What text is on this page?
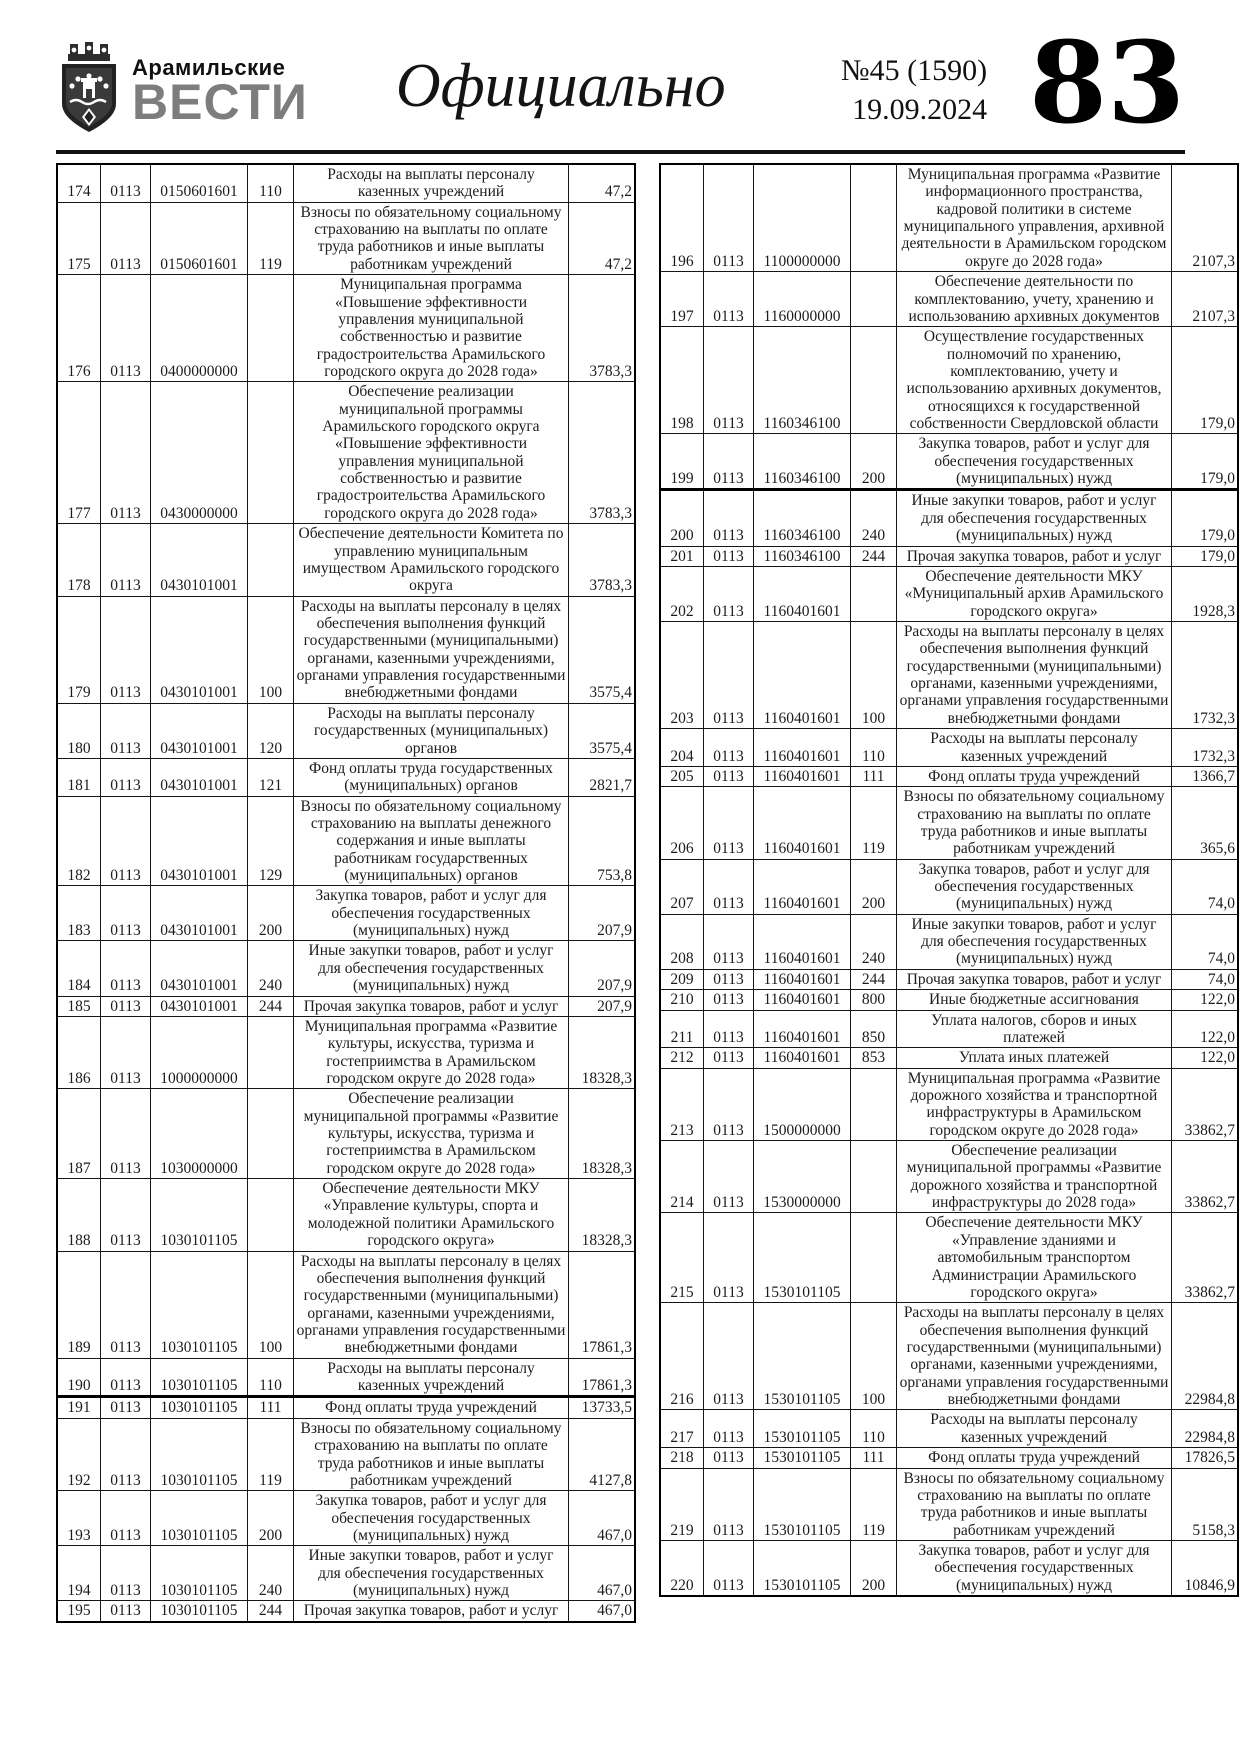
Арамильские
ВЕСТИ Официально	№45 (1590)
19.09.2024 83
174	0113	0150601601	110	Расходы на выплаты персоналу казенных учреждений	47,2
175	0113	0150601601	119	Взносы по обязательному социальному страхованию на выплаты по оплате труда работников и иные выплаты работникам учреждений	47,2
176	0113	0400000000		Муниципальная программа «Повышение эффективности управления муниципальной собственностью и развитие градостроительства Арамильского городского округа до 2028 года»	3783,3
177	0113	0430000000		Обеспечение реализации муниципальной программы Арамильского городского округа «Повышение эффективности управления муниципальной собственностью и развитие градостроительства Арамильского городского округа до 2028 года»	3783,3
178	0113	0430101001		Обеспечение деятельности Комитета по управлению муниципальным имуществом Арамильского городского округа	3783,3
179	0113	0430101001	100	Расходы на выплаты персоналу в целях обеспечения выполнения функций государственными (муниципальными) органами, казенными учреждениями, органами управления государственными внебюджетными фондами	3575,4
180	0113	0430101001	120	Расходы на выплаты персоналу государственных (муниципальных) органов	3575,4
181	0113	0430101001	121	Фонд оплаты труда государственных (муниципальных) органов	2821,7
182	0113	0430101001	129	Взносы по обязательному социальному страхованию на выплаты денежного содержания и иные выплаты работникам государственных (муниципальных) органов	753,8
183	0113	0430101001	200	Закупка товаров, работ и услуг для обеспечения государственных (муниципальных) нужд	207,9
184	0113	0430101001	240	Иные закупки товаров, работ и услуг для обеспечения государственных (муниципальных) нужд	207,9
185	0113	0430101001	244	Прочая закупка товаров, работ и услуг	207,9
186	0113	1000000000		Муниципальная программа «Развитие культуры, искусства, туризма и гостеприимства в Арамильском городском округе до 2028 года»	18328,3
187	0113	1030000000		Обеспечение реализации муниципальной программы «Развитие культуры, искусства, туризма и гостеприимства в Арамильском городском округе до 2028 года»	18328,3
188	0113	1030101105		Обеспечение деятельности МКУ «Управление культуры, спорта и молодежной политики Арамильского городского округа»	18328,3
189	0113	1030101105	100	Расходы на выплаты персоналу в целях обеспечения выполнения функций государственными (муниципальными) органами, казенными учреждениями, органами управления государственными внебюджетными фондами	17861,3
190	0113	1030101105	110	Расходы на выплаты персоналу казенных учреждений	17861,3
191	0113	1030101105	111	Фонд оплаты труда учреждений	13733,5
192	0113	1030101105	119	Взносы по обязательному социальному страхованию на выплаты по оплате труда работников и иные выплаты работникам учреждений	4127,8
193	0113	1030101105	200	Закупка товаров, работ и услуг для обеспечения государственных (муниципальных) нужд	467,0
194	0113	1030101105	240	Иные закупки товаров, работ и услуг для обеспечения государственных (муниципальных) нужд	467,0
195	0113	1030101105	244	Прочая закупка товаров, работ и услуг	467,0
196	0113	1100000000		Муниципальная программа «Развитие информационного пространства, кадровой политики в системе муниципального управления, архивной деятельности в Арамильском городском округе до 2028 года»	2107,3
197	0113	1160000000		Обеспечение деятельности по комплектованию, учету, хранению и использованию архивных документов	2107,3
198	0113	1160346100		Осуществление государственных полномочий по хранению, комплектованию, учету и использованию архивных документов, относящихся к государственной собственности Свердловской области	179,0
199	0113	1160346100	200	Закупка товаров, работ и услуг для обеспечения государственных (муниципальных) нужд	179,0
200	0113	1160346100	240	Иные закупки товаров, работ и услуг для обеспечения государственных (муниципальных) нужд	179,0
201	0113	1160346100	244	Прочая закупка товаров, работ и услуг	179,0
202	0113	1160401601		Обеспечение деятельности МКУ «Муниципальный архив Арамильского городского округа»	1928,3
203	0113	1160401601	100	Расходы на выплаты персоналу в целях обеспечения выполнения функций государственными (муниципальными) органами, казенными учреждениями, органами управления государственными внебюджетными фондами	1732,3
204	0113	1160401601	110	Расходы на выплаты персоналу казенных учреждений	1732,3
205	0113	1160401601	111	Фонд оплаты труда учреждений	1366,7
206	0113	1160401601	119	Взносы по обязательному социальному страхованию на выплаты по оплате труда работников и иные выплаты работникам учреждений	365,6
207	0113	1160401601	200	Закупка товаров, работ и услуг для обеспечения государственных (муниципальных) нужд	74,0
208	0113	1160401601	240	Иные закупки товаров, работ и услуг для обеспечения государственных (муниципальных) нужд	74,0
209	0113	1160401601	244	Прочая закупка товаров, работ и услуг	74,0
210	0113	1160401601	800	Иные бюджетные ассигнования	122,0
211	0113	1160401601	850	Уплата налогов, сборов и иных платежей	122,0
212	0113	1160401601	853	Уплата иных платежей	122,0
213	0113	1500000000		Муниципальная программа «Развитие дорожного хозяйства и транспортной инфраструктуры в Арамильском городском округе до 2028 года»	33862,7
214	0113	1530000000		Обеспечение реализации муниципальной программы «Развитие дорожного хозяйства и транспортной инфраструктуры до 2028 года»	33862,7
215	0113	1530101105		Обеспечение деятельности МКУ «Управление зданиями и автомобильным транспортом Администрации Арамильского городского округа»	33862,7
216	0113	1530101105	100	Расходы на выплаты персоналу в целях обеспечения выполнения функций государственными (муниципальными) органами, казенными учреждениями, органами управления государственными внебюджетными фондами	22984,8
217	0113	1530101105	110	Расходы на выплаты персоналу казенных учреждений	22984,8
218	0113	1530101105	111	Фонд оплаты труда учреждений	17826,5
219	0113	1530101105	119	Взносы по обязательному социальному страхованию на выплаты по оплате труда работников и иные выплаты работникам учреждений	5158,3
220	0113	1530101105	200	Закупка товаров, работ и услуг для обеспечения государственных (муниципальных) нужд	10846,9
